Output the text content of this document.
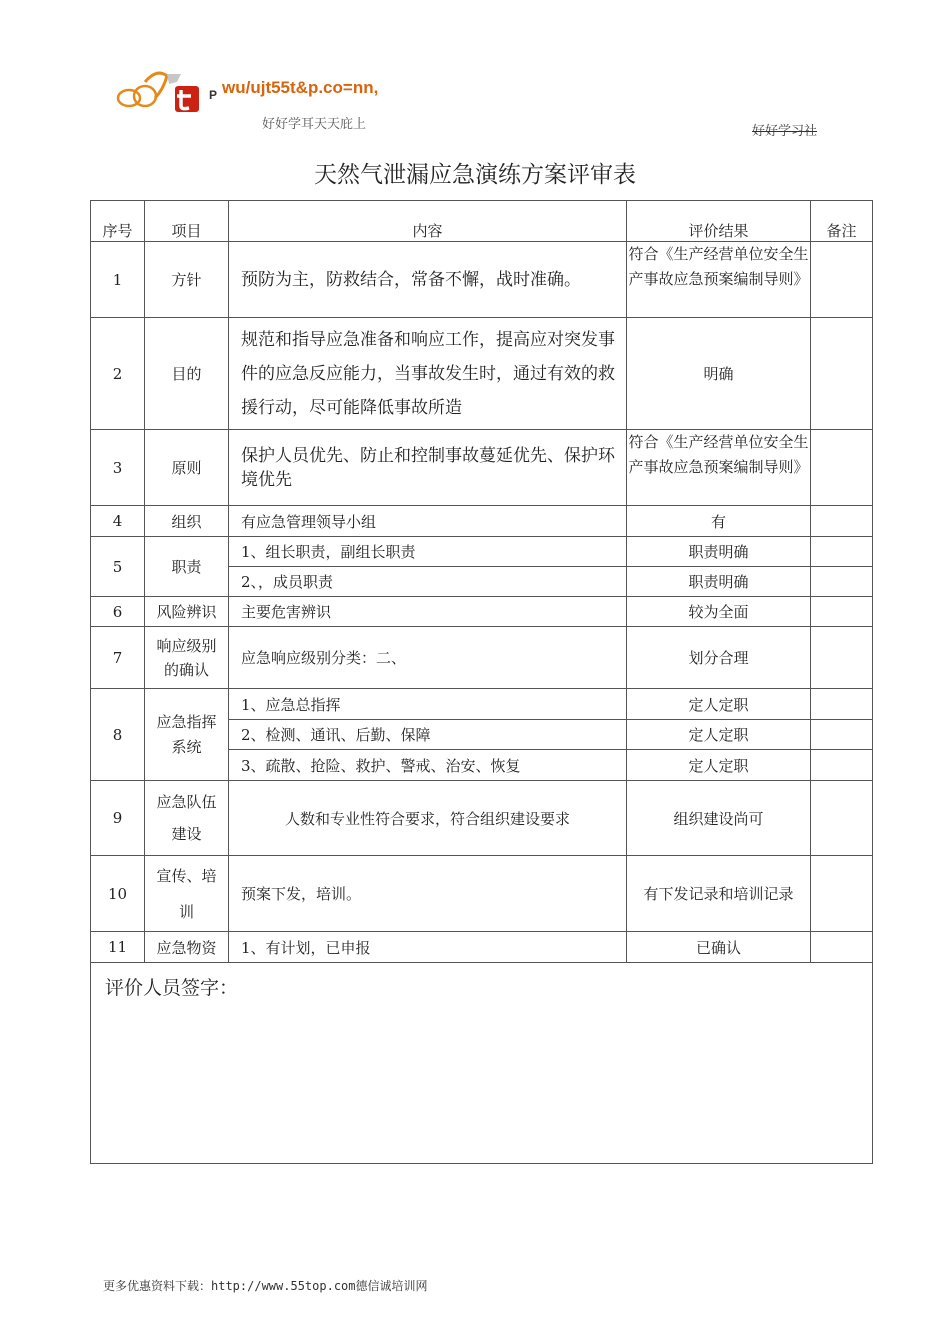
P wu/ujt55t&p.co=nn,
好好学耳天天庇上	好好学习社
天然气泄漏应急演练方案评审表
序号	项目	内容	评价结果	备注
1	方针	预防为主，防救结合，常备不懈，战时准确。	符合《生产经营单位安全生产事故应急预案编制导则》	
2	目的	规范和指导应急准备和响应工作，提高应对突发事件的应急反应能力，当事故发生时，通过有效的救援行动，尽可能降低事故所造	明确	
3	原则	保护人员优先、防止和控制事故蔓延优先、保护环境优先	符合《生产经营单位安全生产事故应急预案编制导则》	
4	组织	有应急管理领导小组	有	
5	职责	1、组长职责，副组长职责	职责明确	
		2、，成员职责	职责明确	
6	风险辨识	主要危害辨识	较为全面	
7	响应级别的确认	应急响应级别分类：二、	划分合理	
8	应急指挥系统	1、应急总指挥	定人定职	
		2、检测、通讯、后勤、保障	定人定职	
		3、疏散、抢险、救护、警戒、治安、恢复	定人定职	
9	应急队伍建设	人数和专业性符合要求，符合组织建设要求	组织建设尚可	
10	宣传、培训	预案下发，培训。	有下发记录和培训记录	
11	应急物资	1、有计划，已申报	已确认	
评价人员签字：				
更多优惠资料下载：http://www.55top.com德信诚培训网
